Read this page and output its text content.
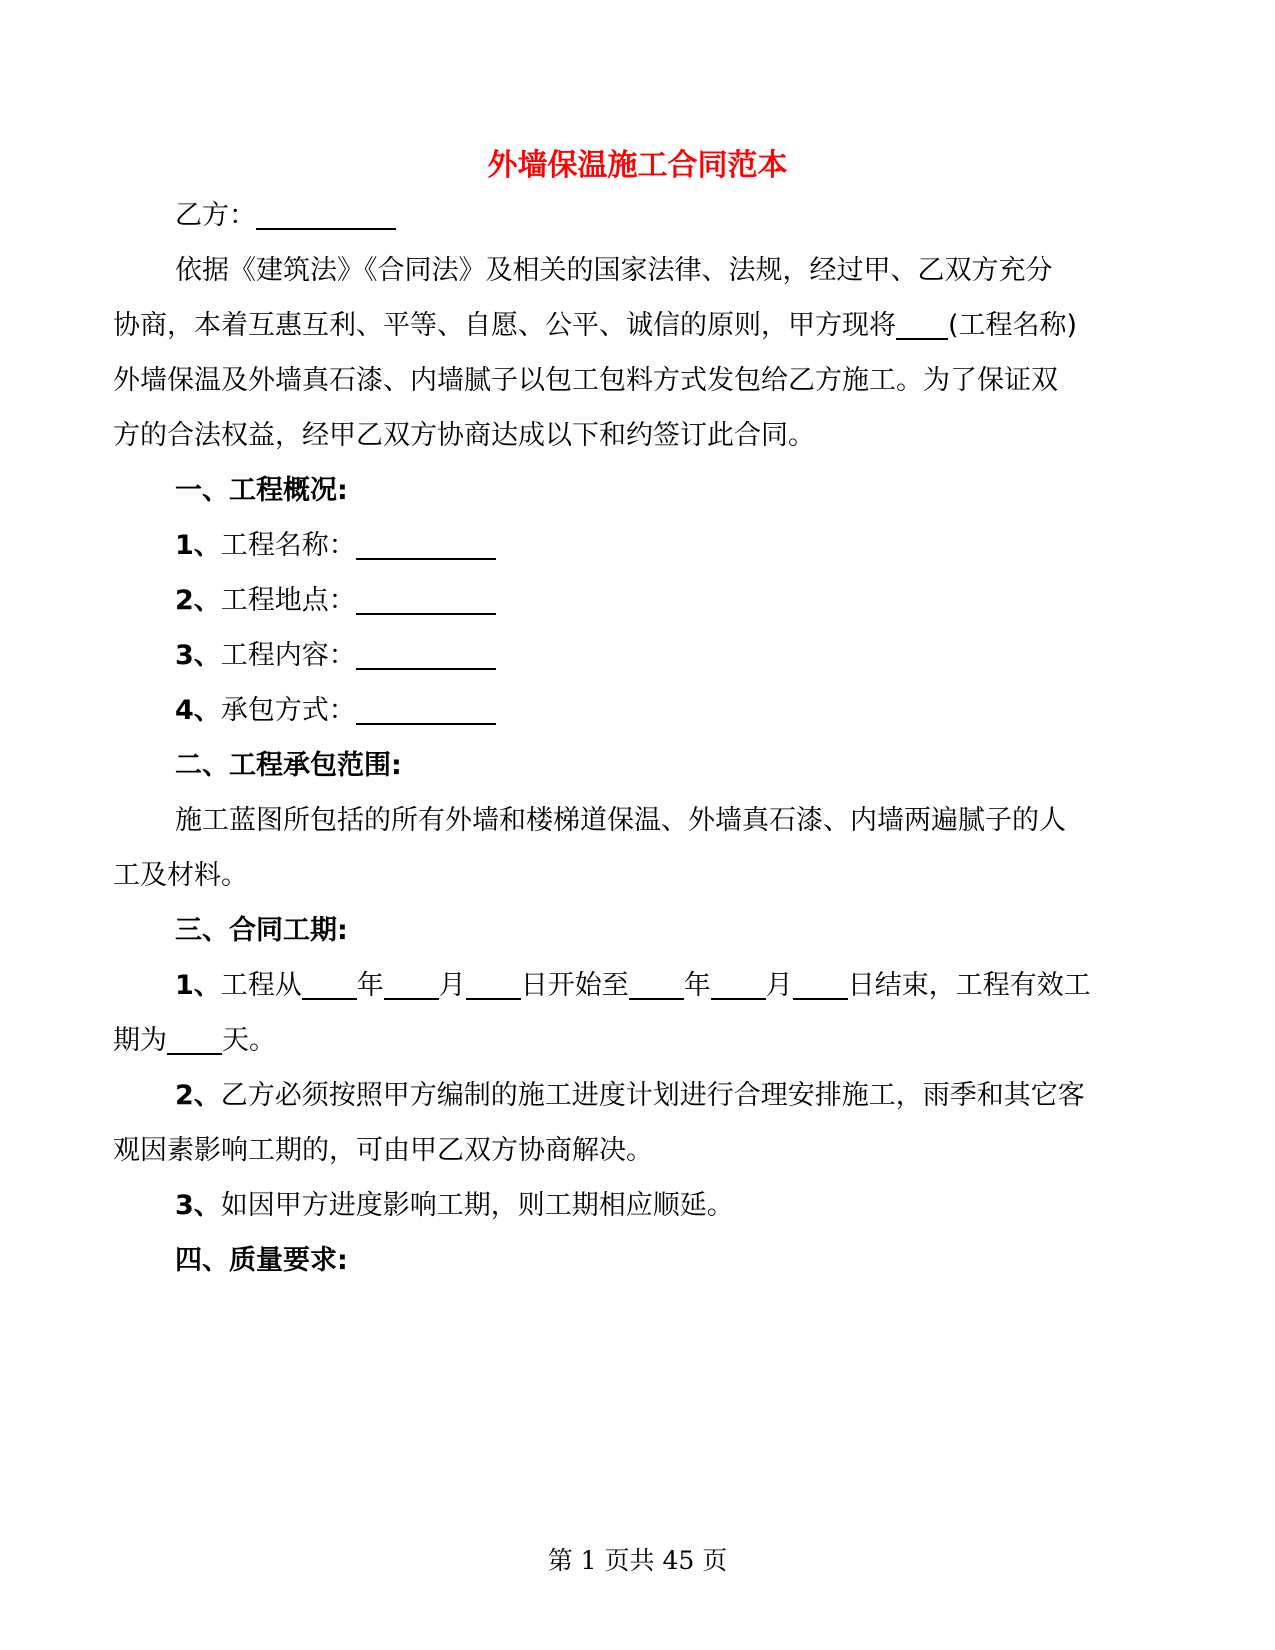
外墙保温施工合同范本
乙方：
依据《建筑法》《合同法》及相关的国家法律、法规，经过甲、乙双方充分
协商，本着互惠互利、平等、自愿、公平、诚信的原则，甲方现将 (工程名称)
外墙保温及外墙真石漆、内墙腻子以包工包料方式发包给乙方施工。为了保证双
方的合法权益，经甲乙双方协商达成以下和约签订此合同。
一、工程概况:
1、工程名称：
2、工程地点：
3、工程内容：
4、承包方式：
二、工程承包范围:
施工蓝图所包括的所有外墙和楼梯道保温、外墙真石漆、内墙两遍腻子的人
工及材料。
三、合同工期:
1、工程从 年 月 日开始至 年 月 日结束，工程有效工
期为 天。
2、乙方必须按照甲方编制的施工进度计划进行合理安排施工，雨季和其它客
观因素影响工期的，可由甲乙双方协商解决。
3、如因甲方进度影响工期，则工期相应顺延。
四、质量要求:
第 1 页共 45 页
